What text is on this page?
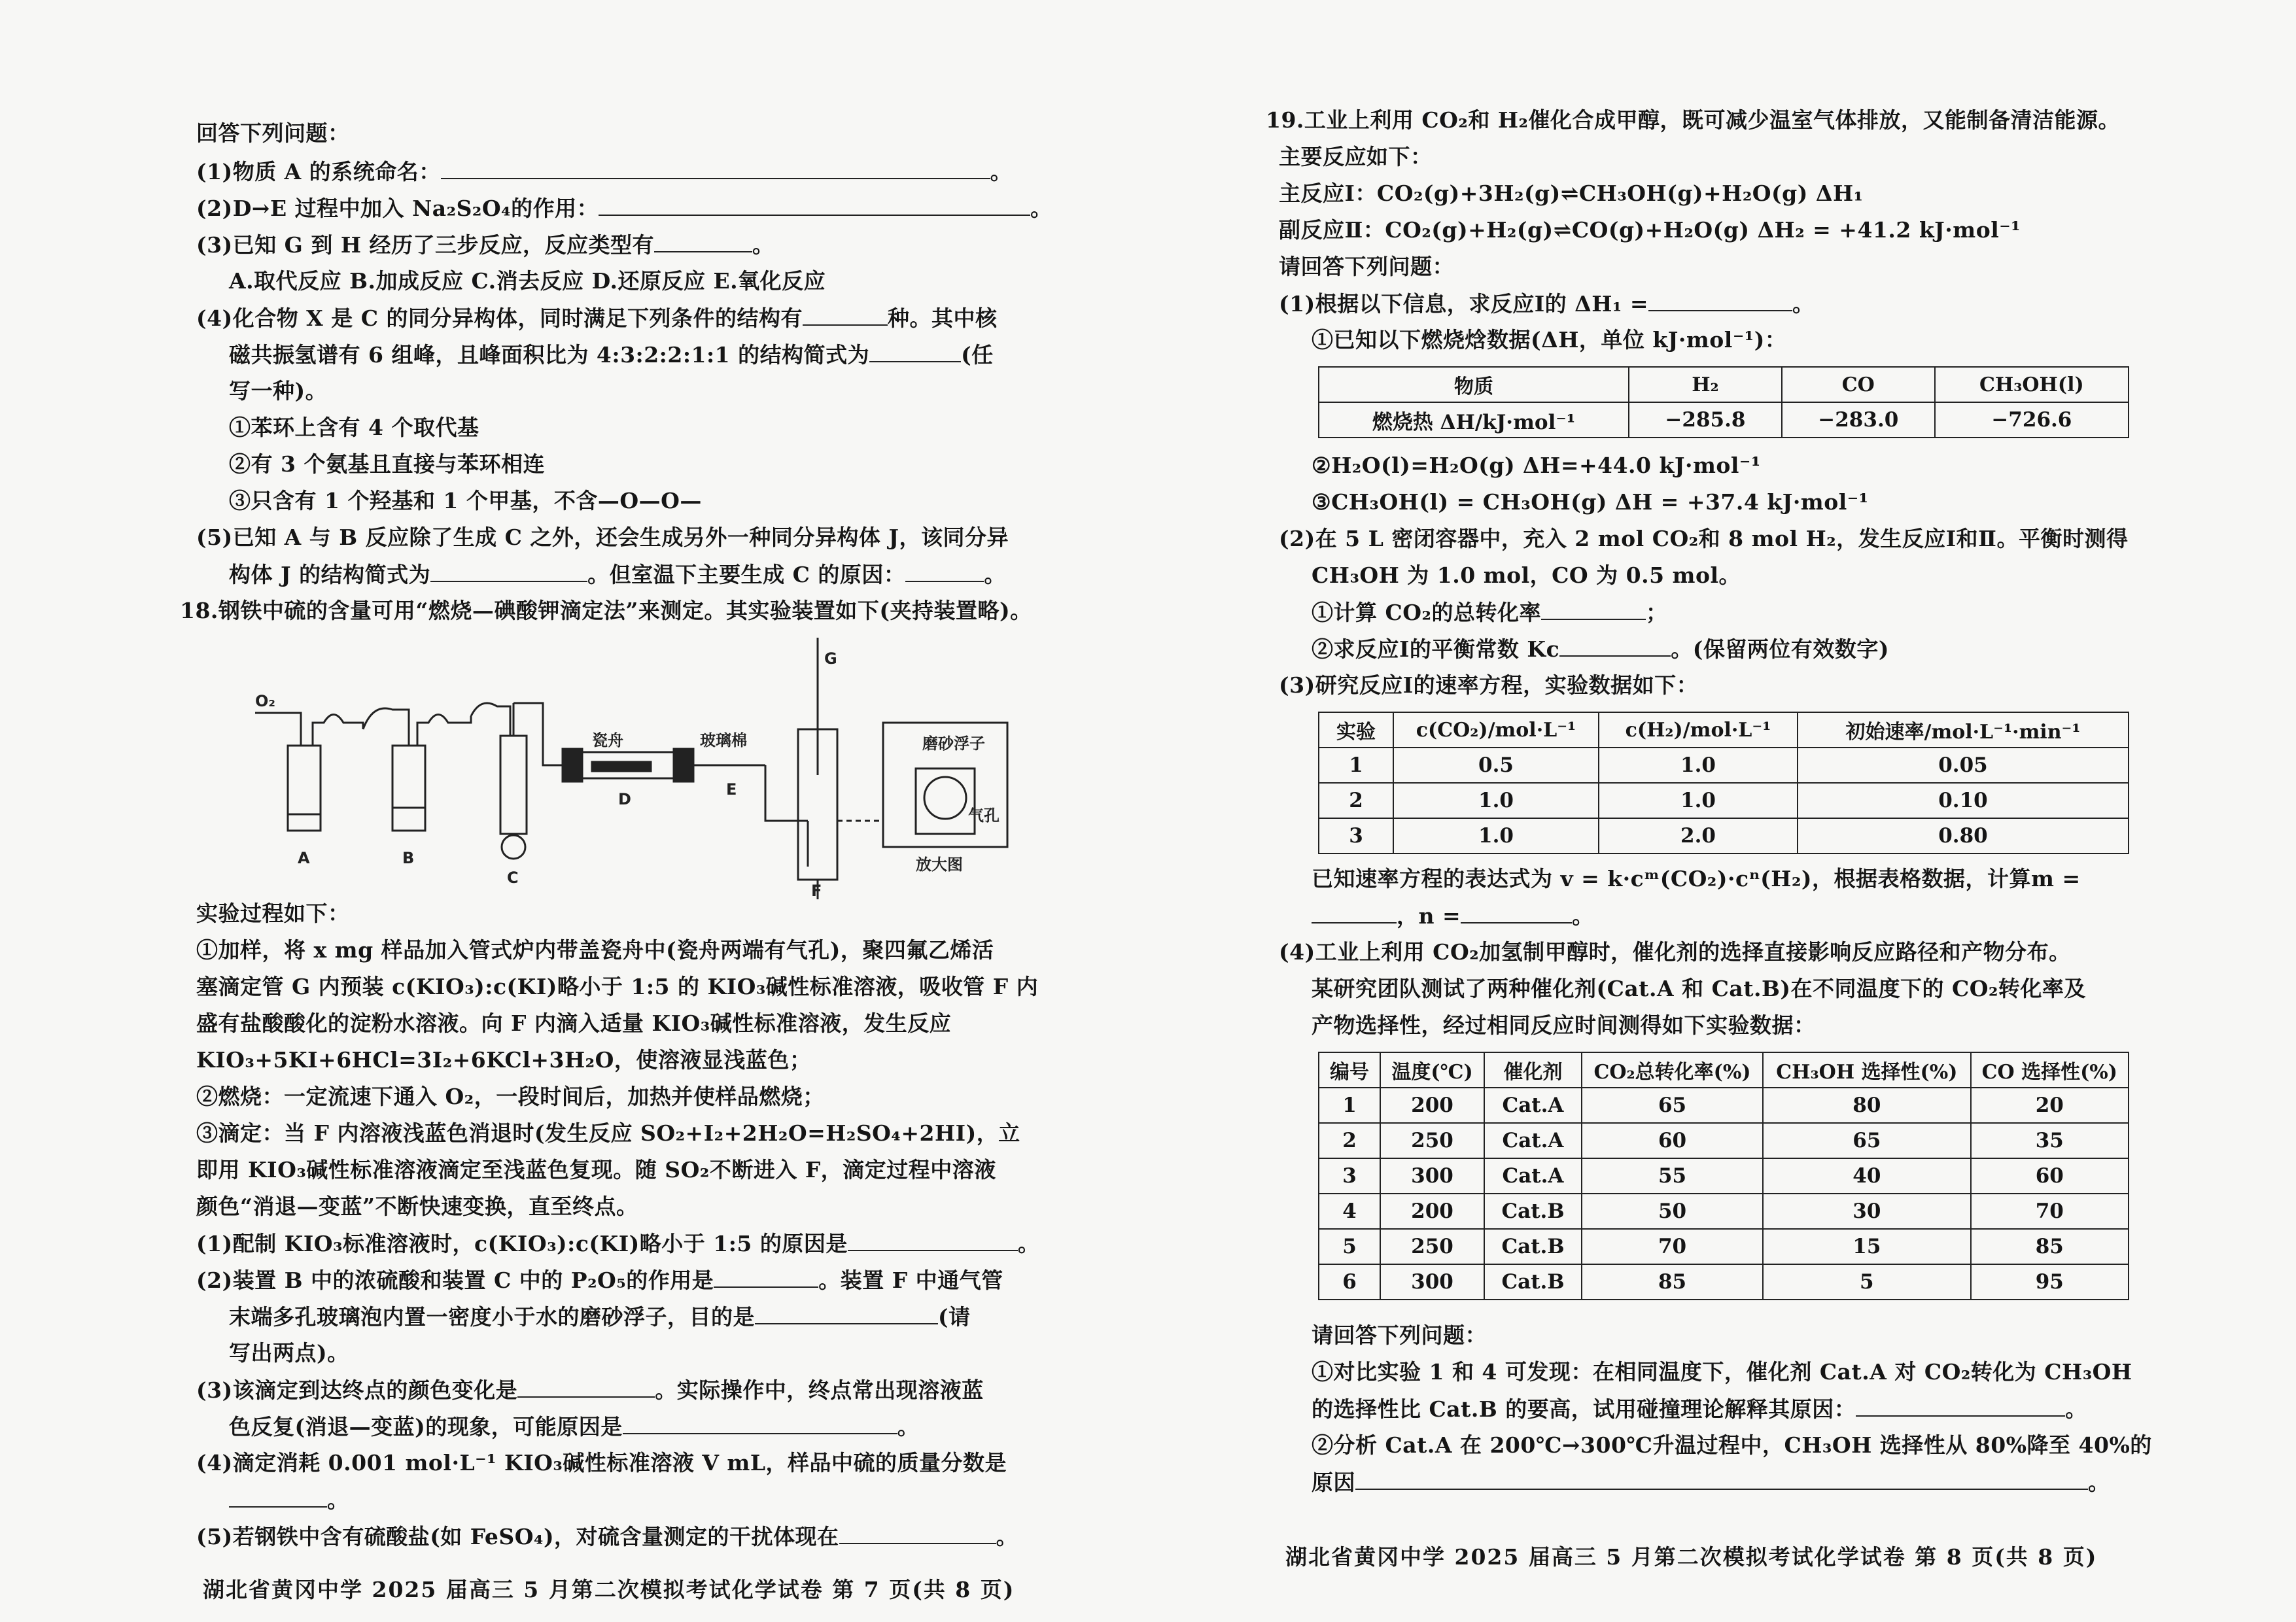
回答下列问题：
(1)物质 A 的系统命名：	。
(2)D→E 过程中加入 Na₂S₂O₄的作用：	。
(3)已知 G 到 H 经历了三步反应，反应类型有	。
A.取代反应 B.加成反应 C.消去反应 D.还原反应 E.氧化反应
(4)化合物 X 是 C 的同分异构体，同时满足下列条件的结构有	种。其中核
磁共振氢谱有 6 组峰，且峰面积比为 4:3:2:2:1:1 的结构简式为	(任
写一种)。
①苯环上含有 4 个取代基
②有 3 个氨基且直接与苯环相连
③只含有 1 个羟基和 1 个甲基，不含—O—O—
(5)已知 A 与 B 反应除了生成 C 之外，还会生成另外一种同分异构体 J，该同分异
构体 J 的结构简式为	。但室温下主要生成 C 的原因：	。
18.钢铁中硫的含量可用“燃烧—碘酸钾滴定法”来测定。其实验装置如下(夹持装置略)。
O₂
A	B
C
D
E
F
G
瓷舟	玻璃棉	磨砂浮子
气孔
放大图
实验过程如下：
①加样，将 x mg 样品加入管式炉内带盖瓷舟中(瓷舟两端有气孔)，聚四氟乙烯活
塞滴定管 G 内预装 c(KIO₃):c(KI)略小于 1:5 的 KIO₃碱性标准溶液，吸收管 F 内
盛有盐酸酸化的淀粉水溶液。向 F 内滴入适量 KIO₃碱性标准溶液，发生反应
KIO₃+5KI+6HCl=3I₂+6KCl+3H₂O，使溶液显浅蓝色；
②燃烧：一定流速下通入 O₂，一段时间后，加热并使样品燃烧；
③滴定：当 F 内溶液浅蓝色消退时(发生反应 SO₂+I₂+2H₂O=H₂SO₄+2HI)，立
即用 KIO₃碱性标准溶液滴定至浅蓝色复现。随 SO₂不断进入 F，滴定过程中溶液
颜色“消退—变蓝”不断快速变换，直至终点。
(1)配制 KIO₃标准溶液时，c(KIO₃):c(KI)略小于 1:5 的原因是	。
(2)装置 B 中的浓硫酸和装置 C 中的 P₂O₅的作用是	。装置 F 中通气管
末端多孔玻璃泡内置一密度小于水的磨砂浮子，目的是	(请
写出两点)。
(3)该滴定到达终点的颜色变化是	。实际操作中，终点常出现溶液蓝
色反复(消退—变蓝)的现象，可能原因是	。
(4)滴定消耗 0.001 mol·L⁻¹ KIO₃碱性标准溶液 V mL，样品中硫的质量分数是
。
(5)若钢铁中含有硫酸盐(如 FeSO₄)，对硫含量测定的干扰体现在	。
湖北省黄冈中学 2025 届高三 5 月第二次模拟考试化学试卷 第 7 页(共 8 页)
19.工业上利用 CO₂和 H₂催化合成甲醇，既可减少温室气体排放，又能制备清洁能源。
主要反应如下：
主反应Ⅰ：CO₂(g)+3H₂(g)⇌CH₃OH(g)+H₂O(g) ΔH₁
副反应Ⅱ：CO₂(g)+H₂(g)⇌CO(g)+H₂O(g) ΔH₂ = +41.2 kJ·mol⁻¹
请回答下列问题：
(1)根据以下信息，求反应Ⅰ的 ΔH₁ =	。
①已知以下燃烧焓数据(ΔH，单位 kJ·mol⁻¹)：
物质	H₂	CO	CH₃OH(l)
燃烧热 ΔH/kJ·mol⁻¹	−285.8	−283.0	−726.6
②H₂O(l)=H₂O(g) ΔH=+44.0 kJ·mol⁻¹
③CH₃OH(l) = CH₃OH(g) ΔH = +37.4 kJ·mol⁻¹
(2)在 5 L 密闭容器中，充入 2 mol CO₂和 8 mol H₂，发生反应Ⅰ和Ⅱ。平衡时测得
CH₃OH 为 1.0 mol，CO 为 0.5 mol。
①计算 CO₂的总转化率	；
②求反应Ⅰ的平衡常数 Kc	。(保留两位有效数字)
(3)研究反应Ⅰ的速率方程，实验数据如下：
实验	c(CO₂)/mol·L⁻¹	c(H₂)/mol·L⁻¹	初始速率/mol·L⁻¹·min⁻¹
1	0.5	1.0	0.05
2	1.0	1.0	0.10
3	1.0	2.0	0.80
已知速率方程的表达式为 v = k·cᵐ(CO₂)·cⁿ(H₂)，根据表格数据，计算m =
，n =	。
(4)工业上利用 CO₂加氢制甲醇时，催化剂的选择直接影响反应路径和产物分布。
某研究团队测试了两种催化剂(Cat.A 和 Cat.B)在不同温度下的 CO₂转化率及
产物选择性，经过相同反应时间测得如下实验数据：
编号	温度(℃)	催化剂	CO₂总转化率(%)	CH₃OH 选择性(%)	CO 选择性(%)
1	200	Cat.A	65	80	20
2	250	Cat.A	60	65	35
3	300	Cat.A	55	40	60
4	200	Cat.B	50	30	70
5	250	Cat.B	70	15	85
6	300	Cat.B	85	5	95
请回答下列问题：
①对比实验 1 和 4 可发现：在相同温度下，催化剂 Cat.A 对 CO₂转化为 CH₃OH
的选择性比 Cat.B 的要高，试用碰撞理论解释其原因：	。
②分析 Cat.A 在 200℃→300℃升温过程中，CH₃OH 选择性从 80%降至 40%的
原因	。
湖北省黄冈中学 2025 届高三 5 月第二次模拟考试化学试卷 第 8 页(共 8 页)
